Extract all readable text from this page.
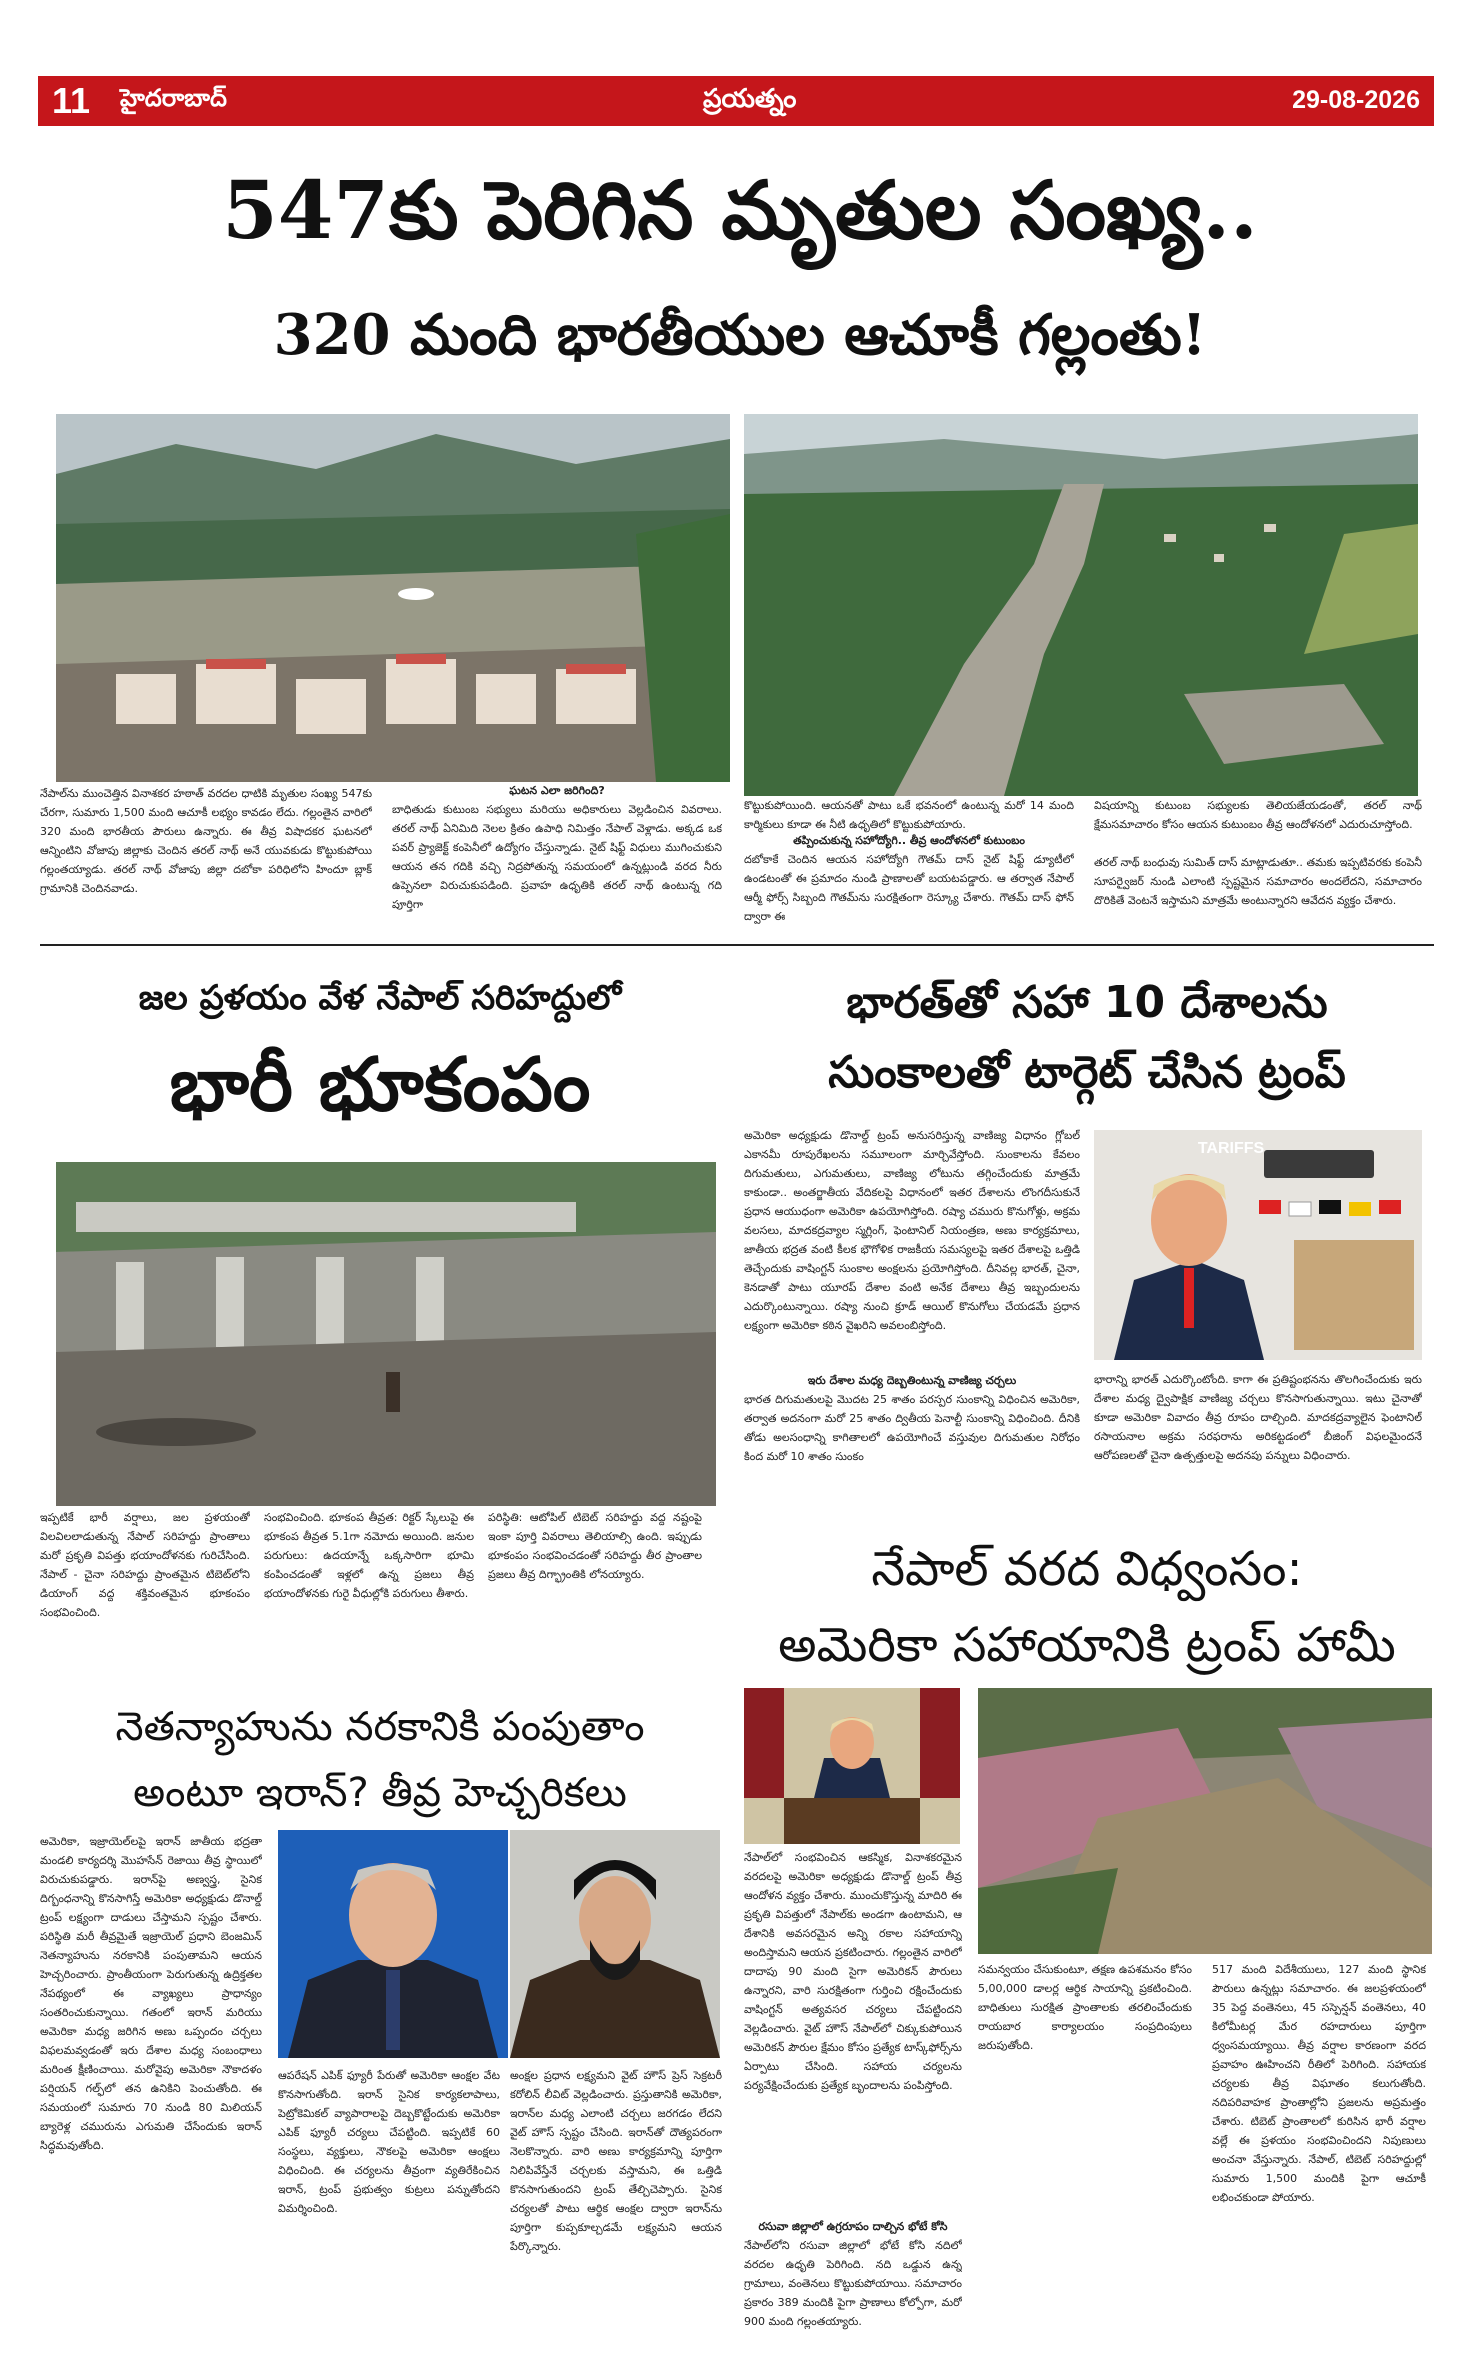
11 హైదరాబాద్	ప్రయత్నం	29-08-2026
547కు పెరిగిన మృతుల సంఖ్య..
320 మంది భారతీయుల ఆచూకీ గల్లంతు!
నేపాల్‌ను ముంచెత్తిన వినాశకర హఠాత్ వరదల ధాటికి మృతుల సంఖ్య 547కు చేరగా, సుమారు 1,500 మంది ఆచూకీ లభ్యం కావడం లేదు. గల్లంతైన వారిలో 320 మంది భారతీయ పౌరులు ఉన్నారు. ఈ తీవ్ర విషాదకర ఘటనలో ఆన్నింటిని వోజాపు జిల్లాకు చెందిన తరల్ నాథ్ అనే యువకుడు కొట్టుకుపోయి గల్లంతయ్యాడు. తరల్ నాథ్ వోజాపు జిల్లా దబోకా పరిధిలోని హిందూ బ్లాక్ గ్రామానికి చెందినవాడు.
ఘటన ఎలా జరిగింది?
బాధితుడు కుటుంబ సభ్యులు మరియు అధికారులు వెల్లడించిన వివరాలు. తరల్ నాథ్ ఏనిమిది నెలల క్రితం ఉపాధి నిమిత్తం నేపాల్ వెళ్లాడు. అక్కడ ఒక పవర్ ప్ర్యాజెక్ట్ కంపెనీలో ఉద్యోగం చేస్తున్నాడు. నైట్ షిఫ్ట్ విధులు ముగించుకుని ఆయన తన గదికి వచ్చి నిద్రపోతున్న సమయంలో ఉన్నట్లుండి వరద నీరు ఉప్పెనలా విరుచుకుపడింది. ప్రవాహ ఉధృతికి తరల్ నాథ్ ఉంటున్న గది పూర్తిగా
కొట్టుకుపోయింది. ఆయనతో పాటు ఒకే భవనంలో ఉంటున్న మరో 14 మంది కార్మికులు కూడా ఈ నీటి ఉధృతిలో కొట్టుకుపోయారు.
తప్పించుకున్న సహోద్యోగి.. తీవ్ర ఆందోళనలో కుటుంబం
దబోకాకే చెందిన ఆయన సహోద్యోగి గౌతమ్ దాస్ నైట్ షిఫ్ట్ డ్యూటీలో ఉండటంతో ఈ ప్రమాదం నుండి ప్రాణాలతో బయటపడ్డారు. ఆ తర్వాత నేపాల్ ఆర్మీ ఫోర్స్ సిబ్బంది గౌతమ్‌ను సురక్షితంగా రెస్క్యూ చేశారు. గౌతమ్ దాస్ ఫోన్ ద్వారా ఈ
విషయాన్ని కుటుంబ సభ్యులకు తెలియజేయడంతో, తరల్ నాథ్ క్షేమసమాచారం కోసం ఆయన కుటుంబం తీవ్ర ఆందోళనలో ఎదురుచూస్తోంది.
తరల్ నాథ్ బంధువు సుమిత్ దాస్ మాట్లాడుతూ.. తమకు ఇప్పటివరకు కంపెనీ సూపర్వైజర్ నుండి ఎలాంటి స్పష్టమైన సమాచారం అందలేదని, సమాచారం దొరికితే వెంటనే ఇస్తామని మాత్రమే అంటున్నారని ఆవేదన వ్యక్తం చేశారు.
జల ప్రళయం వేళ నేపాల్ సరిహద్దులో
భారీ భూకంపం
ఇప్పటికే భారీ వర్షాలు, జల ప్రళయంతో విలవిలలాడుతున్న నేపాల్ సరిహద్దు ప్రాంతాలు మరో ప్రకృతి విపత్తు భయాందోళనకు గురిచేసింది. నేపాల్ - చైనా సరిహద్దు ప్రాంతమైన టిబెట్‌లోని డియాంగ్ వద్ద శక్తివంతమైన భూకంపం సంభవించింది.
సంభవించింది. భూకంప తీవ్రత: రిక్టర్ స్కేలుపై ఈ భూకంప తీవ్రత 5.1గా నమోదు అయింది. జనుల పరుగులు: ఉదయాన్నే ఒక్కసారిగా భూమి కంపించడంతో ఇళ్లలో ఉన్న ప్రజలు తీవ్ర భయాందోళనకు గురై వీధుల్లోకి పరుగులు తీశారు.
పరిస్థితి: ఆటోపిల్ టిబెట్ సరిహద్దు వద్ద నష్టంపై ఇంకా పూర్తి వివరాలు తెలియాల్సి ఉంది. ఇప్పుడు భూకంపం సంభవించడంతో సరిహద్దు తీర ప్రాంతాల ప్రజలు తీవ్ర దిగ్భ్రాంతికి లోనయ్యారు.
భారత్‌తో సహా 10 దేశాలను
సుంకాలతో టార్గెట్ చేసిన ట్రంప్
అమెరికా అధ్యక్షుడు డొనాల్డ్ ట్రంప్ అనుసరిస్తున్న వాణిజ్య విధానం గ్లోబల్ ఎకానమీ రూపురేఖలను సమూలంగా మార్చివేస్తోంది. సుంకాలను కేవలం దిగుమతులు, ఎగుమతులు, వాణిజ్య లోటును తగ్గించేందుకు మాత్రమే కాకుండా.. అంతర్జాతీయ వేదికలపై విధానంలో ఇతర దేశాలను లొంగదీసుకునే ప్రధాన ఆయుధంగా అమెరికా ఉపయోగిస్తోంది. రష్యా చమురు కొనుగోళ్లు, అక్రమ వలసలు, మాదకద్రవ్యాల స్మగ్లింగ్, ఫెంటానిల్ నియంత్రణ, అణు కార్యక్రమాలు, జాతీయ భద్రత వంటి కీలక భౌగోళిక రాజకీయ సమస్యలపై ఇతర దేశాలపై ఒత్తిడి తెచ్చేందుకు వాషింగ్టన్ సుంకాల అంక్షలను ప్రయోగిస్తోంది. దీనివల్ల భారత్, చైనా, కెనడాతో పాటు యూరప్ దేశాల వంటి అనేక దేశాలు తీవ్ర ఇబ్బందులను ఎదుర్కొంటున్నాయి. రష్యా నుంచి క్రూడ్ ఆయిల్ కొనుగోలు చేయడమే ప్రధాన లక్ష్యంగా అమెరికా కఠిన వైఖరిని అవలంబిస్తోంది.
ఇరు దేశాల మధ్య దెబ్బతింటున్న వాణిజ్య చర్చలు
భారత దిగుమతులపై మొదట 25 శాతం పరస్పర సుంకాన్ని విధించిన అమెరికా, తర్వాత అదనంగా మరో 25 శాతం ద్వితీయ పెనాల్టీ సుంకాన్ని విధించింది. దీనికి తోడు అలసంధాన్ని కాగితాలలో ఉపయోగించే వస్తువుల దిగుమతుల నిరోధం కింద మరో 10 శాతం సుంకం
TARIFFS
భారాన్ని భారత్ ఎదుర్కొంటోంది. కాగా ఈ ప్రతిష్టంభనను తొలగించేందుకు ఇరు దేశాల మధ్య ద్వైపాక్షిక వాణిజ్య చర్చలు కొనసాగుతున్నాయి. ఇటు చైనాతో కూడా అమెరికా వివాదం తీవ్ర రూపం దాల్చింది. మాదకద్రవ్యాలైన ఫెంటానిల్ రసాయనాల అక్రమ సరఫరాను అరికట్టడంలో బీజింగ్ విఫలమైందనే ఆరోపణలతో చైనా ఉత్పత్తులపై అదనపు పన్నులు విధించారు.
నేపాల్ వరద విధ్వంసం:
అమెరికా సహాయానికి ట్రంప్ హామీ
నేపాల్‌లో సంభవించిన ఆకస్మిక, వినాశకరమైన వరదలపై అమెరికా అధ్యక్షుడు డొనాల్డ్ ట్రంప్ తీవ్ర ఆందోళన వ్యక్తం చేశారు. ముంచుకొస్తున్న మాదిరి ఈ ప్రకృతి విపత్తులో నేపాల్‌కు అండగా ఉంటామని, ఆ దేశానికి అవసరమైన అన్ని రకాల సహాయాన్ని అందిస్తామని ఆయన ప్రకటించారు. గల్లంతైన వారిలో దాదాపు 90 మంది సైగా అమెరికన్ పౌరులు ఉన్నారని, వారి సురక్షితంగా గుర్తించి రక్షించేందుకు వాషింగ్టన్ అత్యవసర చర్యలు చేపట్టిందని వెల్లడించారు. వైట్ హౌస్ నేపాల్‌లో చిక్కుకుపోయిన అమెరికన్ పౌరుల క్షేమం కోసం ప్రత్యేక టాస్క్‌ఫోర్స్‌ను ఏర్పాటు చేసింది. సహాయ చర్యలను పర్యవేక్షించేందుకు ప్రత్యేక బృందాలను పంపిస్తోంది.
రసువా జిల్లాలో ఉగ్రరూపం దాల్చిన భోటే కోసి
నేపాల్‌లోని రసువా జిల్లాలో భోటే కోసి నదిలో వరదల ఉధృతి పెరిగింది. నది ఒడ్డున ఉన్న గ్రామాలు, వంతెనలు కొట్టుకుపోయాయి. సమాచారం ప్రకారం 389 మందికి పైగా ప్రాణాలు కోల్పోగా, మరో 900 మంది గల్లంతయ్యారు.
సమన్వయం చేసుకుంటూ, తక్షణ ఉపశమనం కోసం 5,00,000 డాలర్ల ఆర్థిక సాయాన్ని ప్రకటించింది. బాధితులు సురక్షిత ప్రాంతాలకు తరలించేందుకు రాయబార కార్యాలయం సంప్రదింపులు జరుపుతోంది.
517 మంది విదేశీయులు, 127 మంది స్థానిక పౌరులు ఉన్నట్లు సమాచారం. ఈ జలప్రళయంలో 35 పెద్ద వంతెనలు, 45 సస్పెన్షన్ వంతెనలు, 40 కిలోమీటర్ల మేర రహదారులు పూర్తిగా ధ్వంసమయ్యాయి. తీవ్ర వర్షాల కారణంగా వరద ప్రవాహం ఊహించని రీతిలో పెరిగింది. సహాయక చర్యలకు తీవ్ర విఘాతం కలుగుతోంది. నదిపరివాహక ప్రాంతాల్లోని ప్రజలను అప్రమత్తం చేశారు. టిబెట్ ప్రాంతాలలో కురిసిన భారీ వర్షాల వల్లే ఈ ప్రళయం సంభవించిందని నిపుణులు అంచనా వేస్తున్నారు. నేపాల్, టిబెట్ సరిహద్దుల్లో సుమారు 1,500 మందికి పైగా ఆచూకీ లభించకుండా పోయారు.
నెతన్యాహును నరకానికి పంపుతాం
అంటూ ఇరాన్? తీవ్ర హెచ్చరికలు
అమెరికా, ఇజ్రాయెల్‌లపై ఇరాన్ జాతీయ భద్రతా మండలి కార్యదర్శి మొహసేన్ రెజాయి తీవ్ర స్థాయిలో విరుచుకుపడ్డారు. ఇరాన్‌పై అణ్వస్త్ర, సైనిక దిగ్బంధనాన్ని కొనసాగిస్తే అమెరికా అధ్యక్షుడు డొనాల్డ్ ట్రంప్ లక్ష్యంగా దాడులు చేస్తామని స్పష్టం చేశారు. పరిస్థితి మరీ తీవ్రమైతే ఇజ్రాయెల్ ప్రధాని బెంజమిన్ నెతన్యాహును నరకానికి పంపుతామని ఆయన హెచ్చరించారు. ప్రాంతీయంగా పెరుగుతున్న ఉద్రిక్తతల నేపథ్యంలో ఈ వ్యాఖ్యలు ప్రాధాన్యం సంతరించుకున్నాయి. గతంలో ఇరాన్ మరియు అమెరికా మధ్య జరిగిన అణు ఒప్పందం చర్చలు విఫలమవ్వడంతో ఇరు దేశాల మధ్య సంబంధాలు మరింత క్షీణించాయి. మరోవైపు అమెరికా నౌకాదళం పర్షియన్ గల్ఫ్‌లో తన ఉనికిని పెంచుతోంది. ఈ సమయంలో సుమారు 70 నుండి 80 మిలియన్ బ్యారెళ్ల చమురును ఎగుమతి చేసేందుకు ఇరాన్ సిద్ధమవుతోంది.
ఆపరేషన్ ఎపిక్ ఫ్యూరీ పేరుతో అమెరికా ఆంక్షల వేట కొనసాగుతోంది. ఇరాన్ సైనిక కార్యకలాపాలు, పెట్రోకెమికల్ వ్యాపారాలపై దెబ్బకొట్టేందుకు అమెరికా ఎపిక్ ఫ్యూరీ చర్యలు చేపట్టింది. ఇప్పటికే 60 సంస్థలు, వ్యక్తులు, నౌకలపై అమెరికా ఆంక్షలు విధించింది. ఈ చర్యలను తీవ్రంగా వ్యతిరేకించిన ఇరాన్, ట్రంప్ ప్రభుత్వం కుట్రలు పన్నుతోందని విమర్శించింది.
అంక్షల ప్రధాన లక్ష్యమని వైట్ హౌస్ ప్రెస్ సెక్రటరీ కరోలిన్ లీవిట్ వెల్లడించారు. ప్రస్తుతానికి అమెరికా, ఇరాన్‌ల మధ్య ఎలాంటి చర్చలు జరగడం లేదని వైట్ హౌస్ స్పష్టం చేసింది. ఇరాన్‌తో దౌత్యపరంగా నెలకొన్నారు. వారి అణు కార్యక్రమాన్ని పూర్తిగా నిలిపివేస్తేనే చర్చలకు వస్తామని, ఈ ఒత్తిడి కొనసాగుతుందని ట్రంప్ తేల్చిచెప్పారు. సైనిక చర్యలతో పాటు ఆర్థిక ఆంక్షల ద్వారా ఇరాన్‌ను పూర్తిగా కుప్పకూల్చడమే లక్ష్యమని ఆయన పేర్కొన్నారు.
